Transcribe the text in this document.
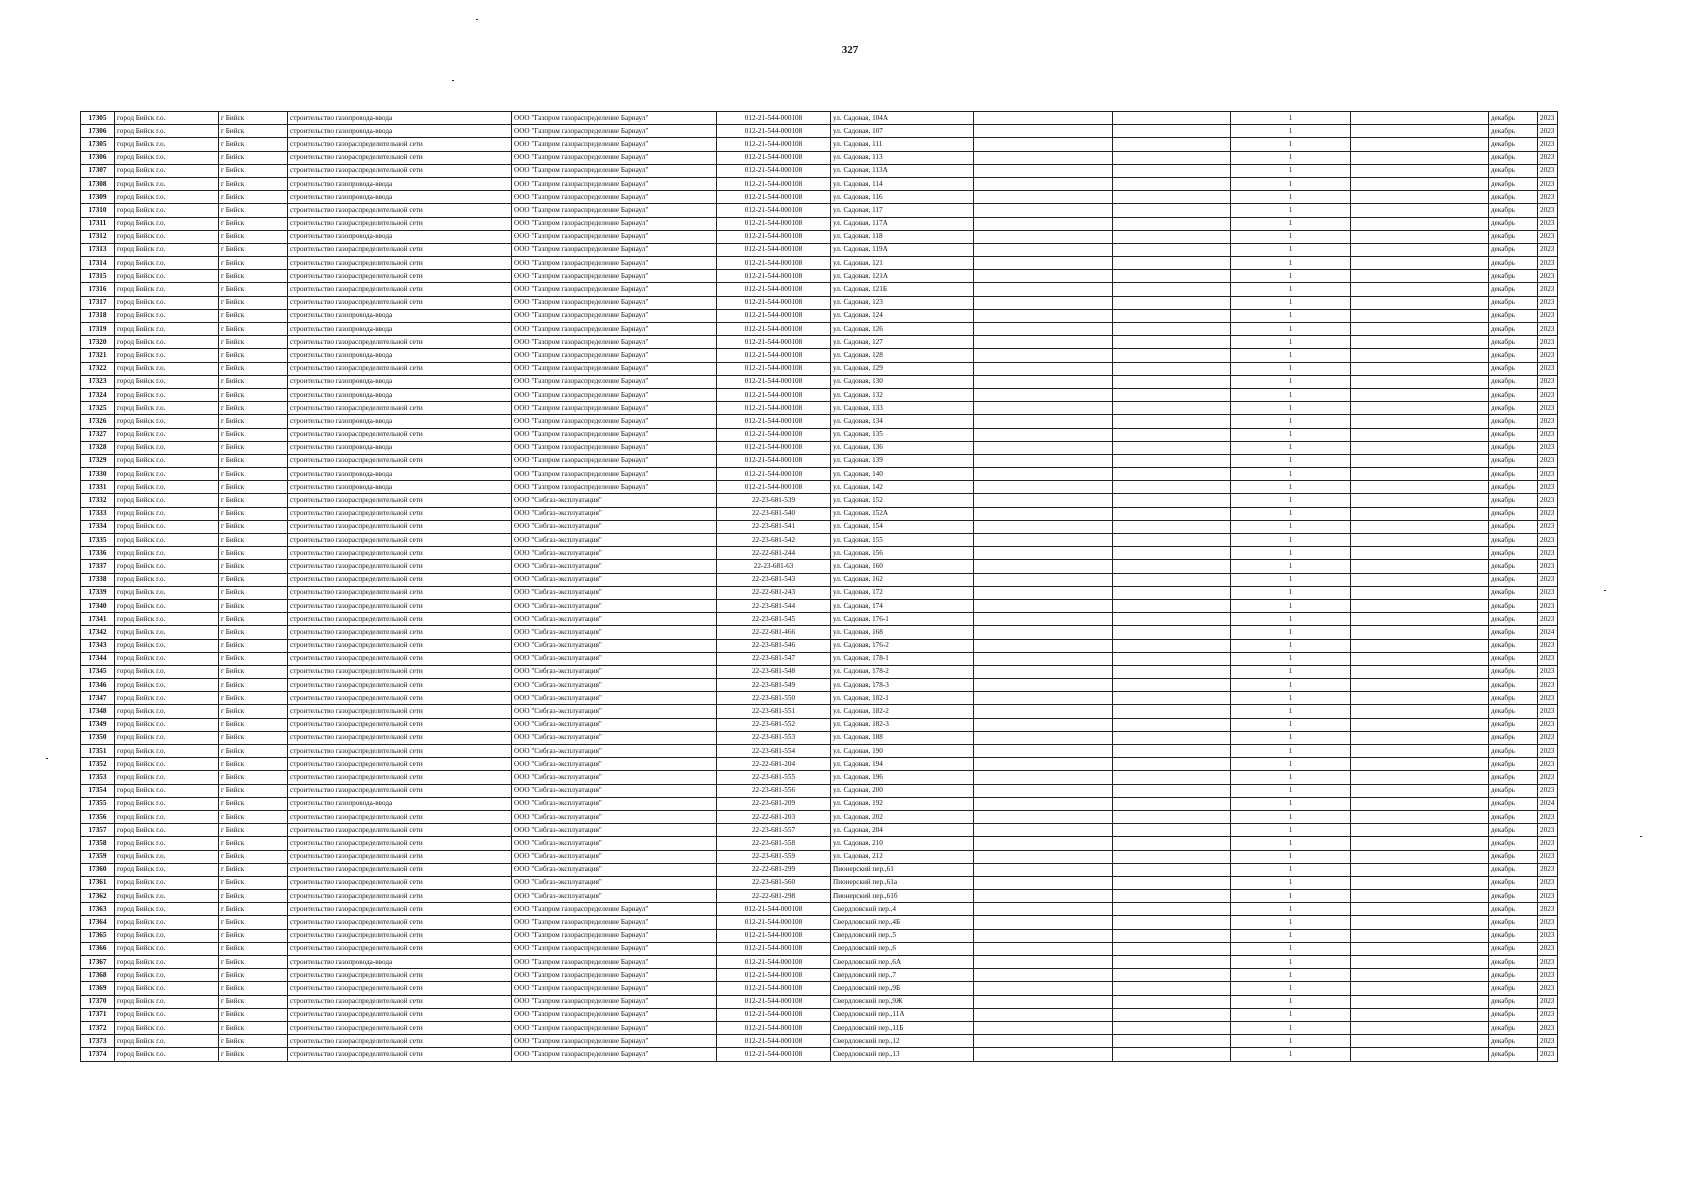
327
17305	город Бийск г.о.	г Бийск	строительство газопровода-ввода	ООО "Газпром газораспределение Барнаул"	012-21-544-000108	ул. Садовая, 104А			1		декабрь	2023
17306	город Бийск г.о.	г Бийск	строительство газопровода-ввода	ООО "Газпром газораспределение Барнаул"	012-21-544-000108	ул. Садовая, 107			1		декабрь	2023
17305	город Бийск г.о.	г Бийск	строительство газораспределительной сети	ООО "Газпром газораспределение Барнаул"	012-21-544-000108	ул. Садовая, 111			1		декабрь	2023
17306	город Бийск г.о.	г Бийск	строительство газораспределительной сети	ООО "Газпром газораспределение Барнаул"	012-21-544-000108	ул. Садовая, 113			1		декабрь	2023
17307	город Бийск г.о.	г Бийск	строительство газораспределительной сети	ООО "Газпром газораспределение Барнаул"	012-21-544-000108	ул. Садовая, 113А			1		декабрь	2023
17308	город Бийск г.о.	г Бийск	строительство газопровода-ввода	ООО "Газпром газораспределение Барнаул"	012-21-544-000108	ул. Садовая, 114			1		декабрь	2023
17309	город Бийск г.о.	г Бийск	строительство газопровода-ввода	ООО "Газпром газораспределение Барнаул"	012-21-544-000108	ул. Садовая, 116			1		декабрь	2023
17310	город Бийск г.о.	г Бийск	строительство газораспределительной сети	ООО "Газпром газораспределение Барнаул"	012-21-544-000108	ул. Садовая, 117			1		декабрь	2023
17311	город Бийск г.о.	г Бийск	строительство газораспределительной сети	ООО "Газпром газораспределение Барнаул"	012-21-544-000108	ул. Садовая, 117А			1		декабрь	2023
17312	город Бийск г.о.	г Бийск	строительство газопровода-ввода	ООО "Газпром газораспределение Барнаул"	012-21-544-000108	ул. Садовая, 118			1		декабрь	2023
17313	город Бийск г.о.	г Бийск	строительство газораспределительной сети	ООО "Газпром газораспределение Барнаул"	012-21-544-000108	ул. Садовая, 119А			1		декабрь	2023
17314	город Бийск г.о.	г Бийск	строительство газораспределительной сети	ООО "Газпром газораспределение Барнаул"	012-21-544-000108	ул. Садовая, 121			1		декабрь	2023
17315	город Бийск г.о.	г Бийск	строительство газораспределительной сети	ООО "Газпром газораспределение Барнаул"	012-21-544-000108	ул. Садовая, 121А			1		декабрь	2023
17316	город Бийск г.о.	г Бийск	строительство газораспределительной сети	ООО "Газпром газораспределение Барнаул"	012-21-544-000108	ул. Садовая, 121Б			1		декабрь	2023
17317	город Бийск г.о.	г Бийск	строительство газораспределительной сети	ООО "Газпром газораспределение Барнаул"	012-21-544-000108	ул. Садовая, 123			1		декабрь	2023
17318	город Бийск г.о.	г Бийск	строительство газопровода-ввода	ООО "Газпром газораспределение Барнаул"	012-21-544-000108	ул. Садовая, 124			1		декабрь	2023
17319	город Бийск г.о.	г Бийск	строительство газопровода-ввода	ООО "Газпром газораспределение Барнаул"	012-21-544-000108	ул. Садовая, 126			1		декабрь	2023
17320	город Бийск г.о.	г Бийск	строительство газораспределительной сети	ООО "Газпром газораспределение Барнаул"	012-21-544-000108	ул. Садовая, 127			1		декабрь	2023
17321	город Бийск г.о.	г Бийск	строительство газопровода-ввода	ООО "Газпром газораспределение Барнаул"	012-21-544-000108	ул. Садовая, 128			1		декабрь	2023
17322	город Бийск г.о.	г Бийск	строительство газораспределительной сети	ООО "Газпром газораспределение Барнаул"	012-21-544-000108	ул. Садовая, 129			1		декабрь	2023
17323	город Бийск г.о.	г Бийск	строительство газопровода-ввода	ООО "Газпром газораспределение Барнаул"	012-21-544-000108	ул. Садовая, 130			1		декабрь	2023
17324	город Бийск г.о.	г Бийск	строительство газопровода-ввода	ООО "Газпром газораспределение Барнаул"	012-21-544-000108	ул. Садовая, 132			1		декабрь	2023
17325	город Бийск г.о.	г Бийск	строительство газораспределительной сети	ООО "Газпром газораспределение Барнаул"	012-21-544-000108	ул. Садовая, 133			1		декабрь	2023
17326	город Бийск г.о.	г Бийск	строительство газопровода-ввода	ООО "Газпром газораспределение Барнаул"	012-21-544-000108	ул. Садовая, 134			1		декабрь	2023
17327	город Бийск г.о.	г Бийск	строительство газораспределительной сети	ООО "Газпром газораспределение Барнаул"	012-21-544-000108	ул. Садовая, 135			1		декабрь	2023
17328	город Бийск г.о.	г Бийск	строительство газопровода-ввода	ООО "Газпром газораспределение Барнаул"	012-21-544-000108	ул. Садовая, 136			1		декабрь	2023
17329	город Бийск г.о.	г Бийск	строительство газораспределительной сети	ООО "Газпром газораспределение Барнаул"	012-21-544-000108	ул. Садовая, 139			1		декабрь	2023
17330	город Бийск г.о.	г Бийск	строительство газопровода-ввода	ООО "Газпром газораспределение Барнаул"	012-21-544-000108	ул. Садовая, 140			1		декабрь	2023
17331	город Бийск г.о.	г Бийск	строительство газопровода-ввода	ООО "Газпром газораспределение Барнаул"	012-21-544-000108	ул. Садовая, 142			1		декабрь	2023
17332	город Бийск г.о.	г Бийск	строительство газораспределительной сети	ООО "Сибгаз-эксплуатация"	22-23-681-539	ул. Садовая, 152			1		декабрь	2023
17333	город Бийск г.о.	г Бийск	строительство газораспределительной сети	ООО "Сибгаз-эксплуатация"	22-23-681-540	ул. Садовая, 152А			1		декабрь	2023
17334	город Бийск г.о.	г Бийск	строительство газораспределительной сети	ООО "Сибгаз-эксплуатация"	22-23-681-541	ул. Садовая, 154			1		декабрь	2023
17335	город Бийск г.о.	г Бийск	строительство газораспределительной сети	ООО "Сибгаз-эксплуатация"	22-23-681-542	ул. Садовая, 155			1		декабрь	2023
17336	город Бийск г.о.	г Бийск	строительство газораспределительной сети	ООО "Сибгаз-эксплуатация"	22-22-681-244	ул. Садовая, 156			1		декабрь	2023
17337	город Бийск г.о.	г Бийск	строительство газораспределительной сети	ООО "Сибгаз-эксплуатация"	22-23-681-63	ул. Садовая, 160			1		декабрь	2023
17338	город Бийск г.о.	г Бийск	строительство газораспределительной сети	ООО "Сибгаз-эксплуатация"	22-23-681-543	ул. Садовая, 162			1		декабрь	2023
17339	город Бийск г.о.	г Бийск	строительство газораспределительной сети	ООО "Сибгаз-эксплуатация"	22-22-681-243	ул. Садовая, 172			1		декабрь	2023
17340	город Бийск г.о.	г Бийск	строительство газораспределительной сети	ООО "Сибгаз-эксплуатация"	22-23-681-544	ул. Садовая, 174			1		декабрь	2023
17341	город Бийск г.о.	г Бийск	строительство газораспределительной сети	ООО "Сибгаз-эксплуатация"	22-23-681-545	ул. Садовая, 176-1			1		декабрь	2023
17342	город Бийск г.о.	г Бийск	строительство газораспределительной сети	ООО "Сибгаз-эксплуатация"	22-22-681-466	ул. Садовая, 168			1		декабрь	2024
17343	город Бийск г.о.	г Бийск	строительство газораспределительной сети	ООО "Сибгаз-эксплуатация"	22-23-681-546	ул. Садовая, 176-2			1		декабрь	2023
17344	город Бийск г.о.	г Бийск	строительство газораспределительной сети	ООО "Сибгаз-эксплуатация"	22-23-681-547	ул. Садовая, 178-1			1		декабрь	2023
17345	город Бийск г.о.	г Бийск	строительство газораспределительной сети	ООО "Сибгаз-эксплуатация"	22-23-681-548	ул. Садовая, 178-2			1		декабрь	2023
17346	город Бийск г.о.	г Бийск	строительство газораспределительной сети	ООО "Сибгаз-эксплуатация"	22-23-681-549	ул. Садовая, 178-3			1		декабрь	2023
17347	город Бийск г.о.	г Бийск	строительство газораспределительной сети	ООО "Сибгаз-эксплуатация"	22-23-681-550	ул. Садовая, 182-1			1		декабрь	2023
17348	город Бийск г.о.	г Бийск	строительство газораспределительной сети	ООО "Сибгаз-эксплуатация"	22-23-681-551	ул. Садовая, 182-2			1		декабрь	2023
17349	город Бийск г.о.	г Бийск	строительство газораспределительной сети	ООО "Сибгаз-эксплуатация"	22-23-681-552	ул. Садовая, 182-3			1		декабрь	2023
17350	город Бийск г.о.	г Бийск	строительство газораспределительной сети	ООО "Сибгаз-эксплуатация"	22-23-681-553	ул. Садовая, 188			1		декабрь	2023
17351	город Бийск г.о.	г Бийск	строительство газораспределительной сети	ООО "Сибгаз-эксплуатация"	22-23-681-554	ул. Садовая, 190			1		декабрь	2023
17352	город Бийск г.о.	г Бийск	строительство газораспределительной сети	ООО "Сибгаз-эксплуатация"	22-22-681-204	ул. Садовая, 194			1		декабрь	2023
17353	город Бийск г.о.	г Бийск	строительство газораспределительной сети	ООО "Сибгаз-эксплуатация"	22-23-681-555	ул. Садовая, 196			1		декабрь	2023
17354	город Бийск г.о.	г Бийск	строительство газораспределительной сети	ООО "Сибгаз-эксплуатация"	22-23-681-556	ул. Садовая, 200			1		декабрь	2023
17355	город Бийск г.о.	г Бийск	строительство газопровода-ввода	ООО "Сибгаз-эксплуатация"	22-23-681-209	ул. Садовая, 192			1		декабрь	2024
17356	город Бийск г.о.	г Бийск	строительство газораспределительной сети	ООО "Сибгаз-эксплуатация"	22-22-681-203	ул. Садовая, 202			1		декабрь	2023
17357	город Бийск г.о.	г Бийск	строительство газораспределительной сети	ООО "Сибгаз-эксплуатация"	22-23-681-557	ул. Садовая, 204			1		декабрь	2023
17358	город Бийск г.о.	г Бийск	строительство газораспределительной сети	ООО "Сибгаз-эксплуатация"	22-23-681-558	ул. Садовая, 210			1		декабрь	2023
17359	город Бийск г.о.	г Бийск	строительство газораспределительной сети	ООО "Сибгаз-эксплуатация"	22-23-681-559	ул. Садовая, 212			1		декабрь	2023
17360	город Бийск г.о.	г Бийск	строительство газораспределительной сети	ООО "Сибгаз-эксплуатация"	22-22-681-299	Пионерский пер.,61			1		декабрь	2023
17361	город Бийск г.о.	г Бийск	строительство газораспределительной сети	ООО "Сибгаз-эксплуатация"	22-23-681-560	Пионерский пер.,61а			1		декабрь	2023
17362	город Бийск г.о.	г Бийск	строительство газораспределительной сети	ООО "Сибгаз-эксплуатация"	22-22-681-298	Пионерский пер.,61б			1		декабрь	2023
17363	город Бийск г.о.	г Бийск	строительство газораспределительной сети	ООО "Газпром газораспределение Барнаул"	012-21-544-000108	Свердловский пер.,4			1		декабрь	2023
17364	город Бийск г.о.	г Бийск	строительство газораспределительной сети	ООО "Газпром газораспределение Барнаул"	012-21-544-000108	Свердловский пер.,4Б			1		декабрь	2023
17365	город Бийск г.о.	г Бийск	строительство газораспределительной сети	ООО "Газпром газораспределение Барнаул"	012-21-544-000108	Свердловский пер.,5			1		декабрь	2023
17366	город Бийск г.о.	г Бийск	строительство газораспределительной сети	ООО "Газпром газораспределение Барнаул"	012-21-544-000108	Свердловский пер.,6			1		декабрь	2023
17367	город Бийск г.о.	г Бийск	строительство газопровода-ввода	ООО "Газпром газораспределение Барнаул"	012-21-544-000108	Свердловский пер.,6А			1		декабрь	2023
17368	город Бийск г.о.	г Бийск	строительство газораспределительной сети	ООО "Газпром газораспределение Барнаул"	012-21-544-000108	Свердловский пер.,7			1		декабрь	2023
17369	город Бийск г.о.	г Бийск	строительство газораспределительной сети	ООО "Газпром газораспределение Барнаул"	012-21-544-000108	Свердловский пер.,9Б			1		декабрь	2023
17370	город Бийск г.о.	г Бийск	строительство газораспределительной сети	ООО "Газпром газораспределение Барнаул"	012-21-544-000108	Свердловский пер.,9Ж			1		декабрь	2023
17371	город Бийск г.о.	г Бийск	строительство газораспределительной сети	ООО "Газпром газораспределение Барнаул"	012-21-544-000108	Свердловский пер.,11А			1		декабрь	2023
17372	город Бийск г.о.	г Бийск	строительство газораспределительной сети	ООО "Газпром газораспределение Барнаул"	012-21-544-000108	Свердловский пер.,11Б			1		декабрь	2023
17373	город Бийск г.о.	г Бийск	строительство газораспределительной сети	ООО "Газпром газораспределение Барнаул"	012-21-544-000108	Свердловский пер.,12			1		декабрь	2023
17374	город Бийск г.о.	г Бийск	строительство газораспределительной сети	ООО "Газпром газораспределение Барнаул"	012-21-544-000108	Свердловский пер.,13			1		декабрь	2023
